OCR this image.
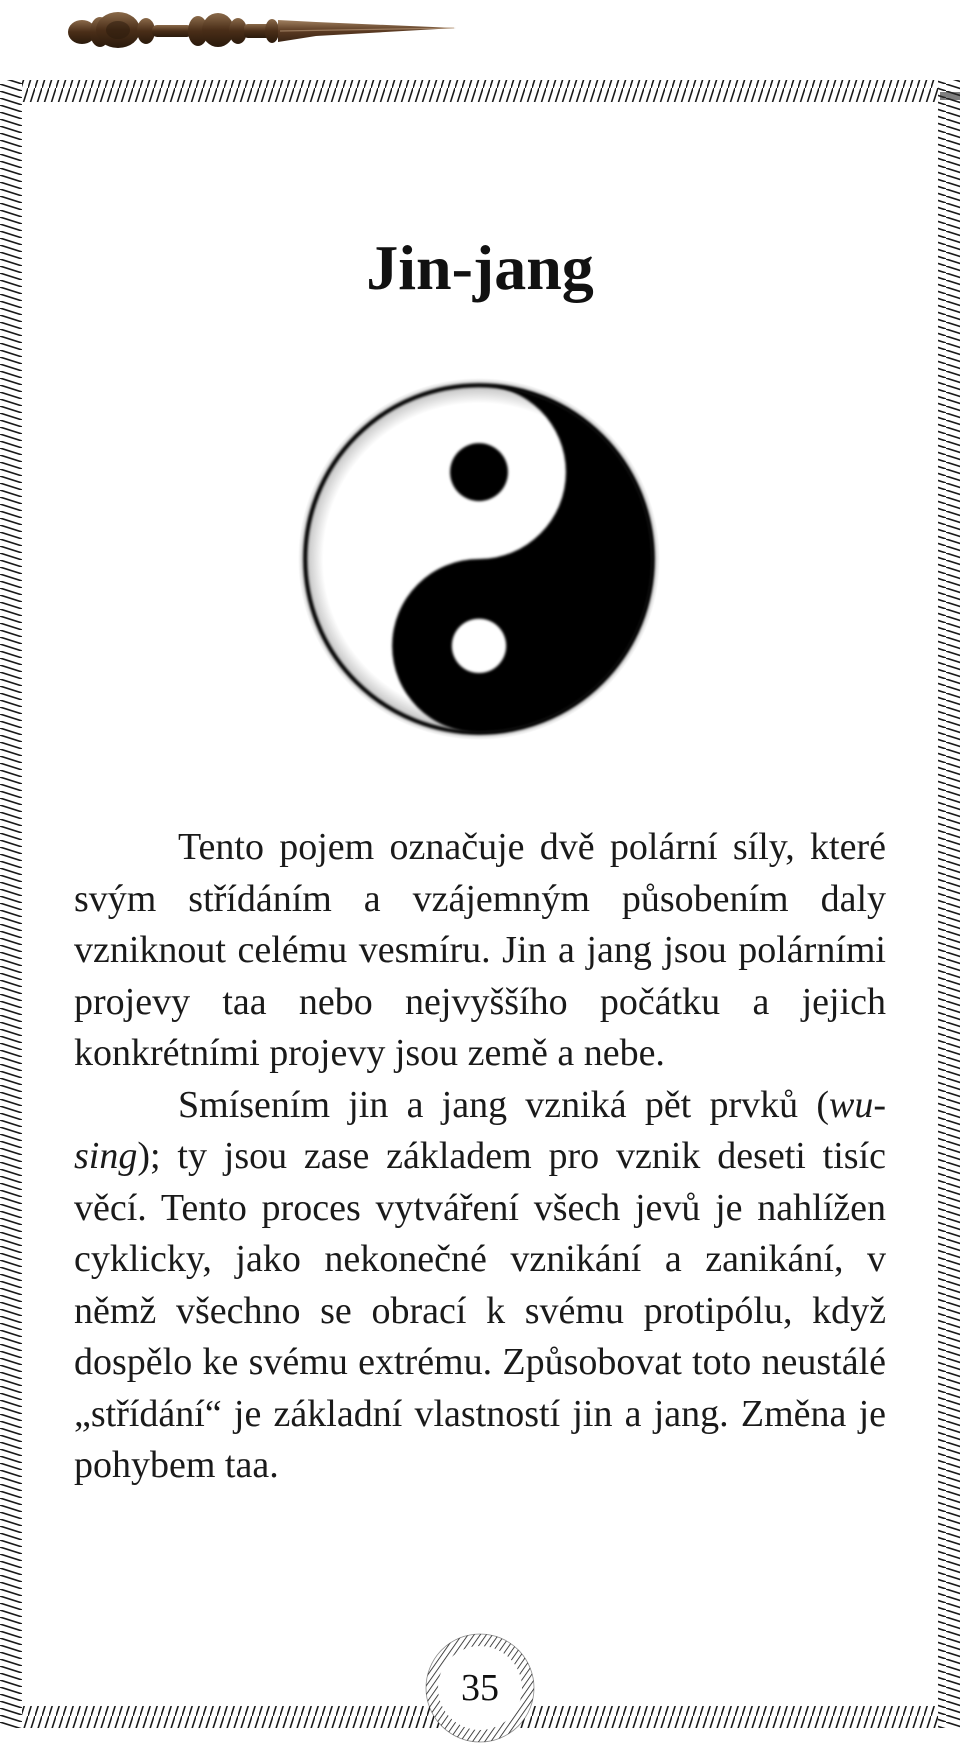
Jin-jang

Tento pojem označuje dvě polární síly, které svým střídáním a vzájemným působením daly vzniknout celému vesmíru. Jin a jang jsou polárními projevy taa nebo nejvyššího počátku a jejich konkrétními projevy jsou země a nebe.

Smísením jin a jang vzniká pět prvků (wu-sing); ty jsou zase základem pro vznik deseti tisíc věcí. Tento proces vytváření všech jevů je nahlížen cyklicky, jako nekonečné vznikání a zanikání, v němž všechno se obrací k svému protipólu, když dospělo ke svému extrému. Způsobovat toto neustálé „střídání“ je základní vlastností jin a jang. Změna je pohybem taa.

35
